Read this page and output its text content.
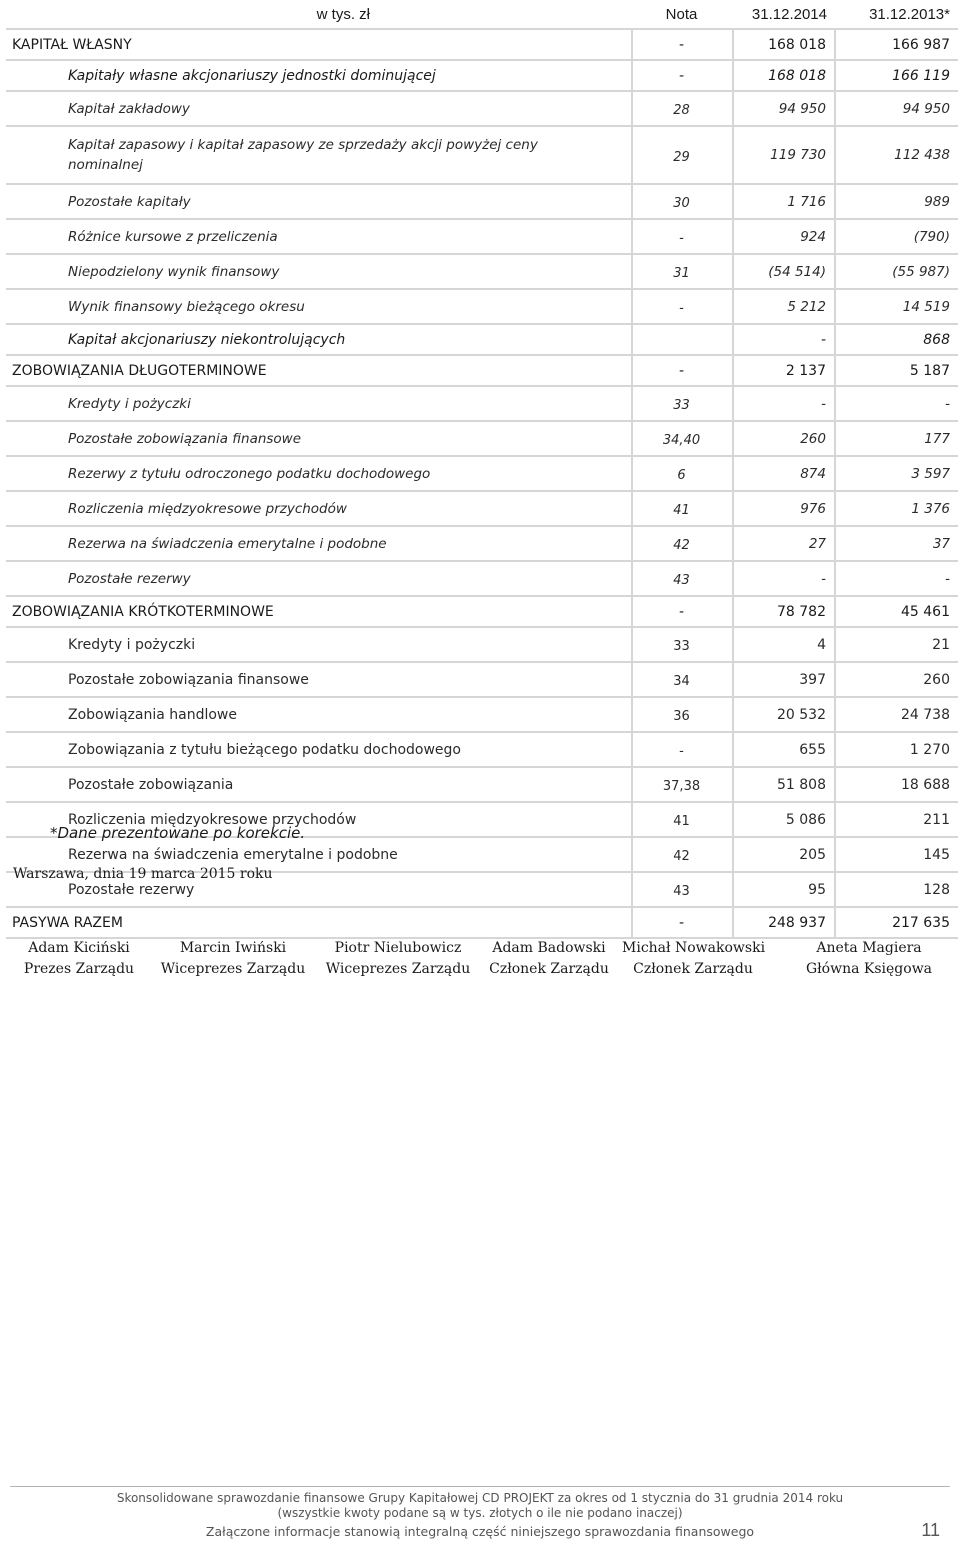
w tys. zł	Nota	31.12.2014	31.12.2013*
KAPITAŁ WŁASNY	-	168 018	166 987
Kapitały własne akcjonariuszy jednostki dominującej	-	168 018	166 119
Kapitał zakładowy	28	94 950	94 950
Kapitał zapasowy i kapitał zapasowy ze sprzedaży akcji powyżej ceny nominalnej	29	119 730	112 438
Pozostałe kapitały	30	1 716	989
Różnice kursowe z przeliczenia	-	924	(790)
Niepodzielony wynik finansowy	31	(54 514)	(55 987)
Wynik finansowy bieżącego okresu	-	5 212	14 519
Kapitał akcjonariuszy niekontrolujących		-	868
ZOBOWIĄZANIA DŁUGOTERMINOWE	-	2 137	5 187
Kredyty i pożyczki	33	-	-
Pozostałe zobowiązania finansowe	34,40	260	177
Rezerwy z tytułu odroczonego podatku dochodowego	6	874	3 597
Rozliczenia międzyokresowe przychodów	41	976	1 376
Rezerwa na świadczenia emerytalne i podobne	42	27	37
Pozostałe rezerwy	43	-	-
ZOBOWIĄZANIA KRÓTKOTERMINOWE	-	78 782	45 461
Kredyty i pożyczki	33	4	21
Pozostałe zobowiązania finansowe	34	397	260
Zobowiązania handlowe	36	20 532	24 738
Zobowiązania z tytułu bieżącego podatku dochodowego	-	655	1 270
Pozostałe zobowiązania	37,38	51 808	18 688
Rozliczenia międzyokresowe przychodów	41	5 086	211
Rezerwa na świadczenia emerytalne i podobne	42	205	145
Pozostałe rezerwy	43	95	128
PASYWA RAZEM	-	248 937	217 635
*Dane prezentowane po korekcie.
Warszawa, dnia 19 marca 2015 roku
Adam Kiciński
Prezes Zarządu
Marcin Iwiński
Wiceprezes Zarządu
Piotr Nielubowicz
Wiceprezes Zarządu
Adam Badowski
Członek Zarządu
Michał Nowakowski
Członek Zarządu
Aneta Magiera
Główna Księgowa
Skonsolidowane sprawozdanie finansowe Grupy Kapitałowej CD PROJEKT za okres od 1 stycznia do 31 grudnia 2014 roku
(wszystkie kwoty podane są w tys. złotych o ile nie podano inaczej)
Załączone informacje stanowią integralną część niniejszego sprawozdania finansowego	11
